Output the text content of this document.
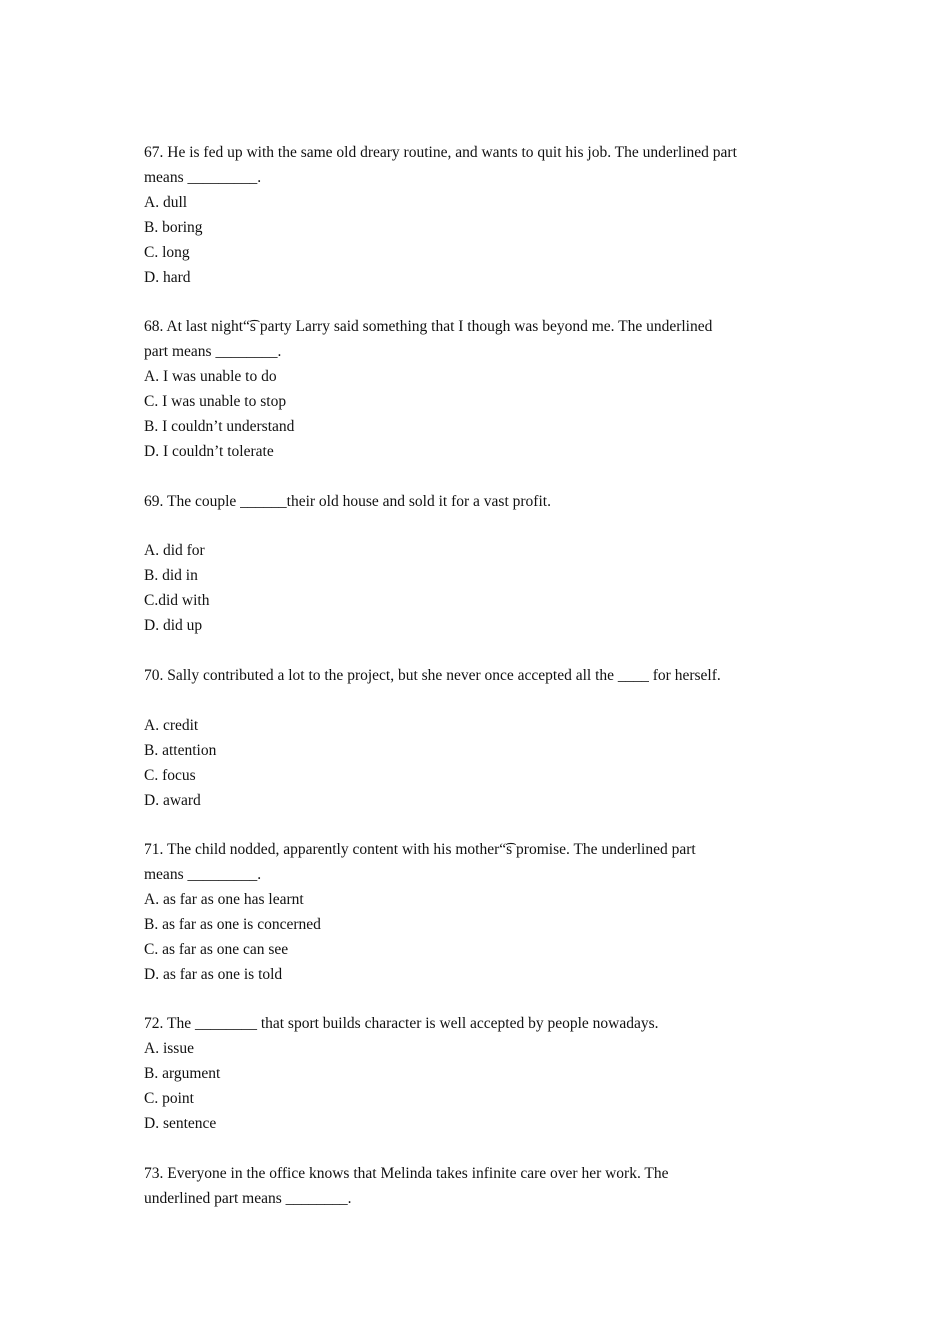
67. He is fed up with the same old dreary routine, and wants to quit his job. The underlined part
means _________.
A. dull
B. boring
C. long
D. hard
68. At last night“͡s party Larry said something that I though was beyond me. The underlined
part means ________.
A. I was unable to do
C. I was unable to stop
B. I couldn’t understand
D. I couldn’t tolerate
69. The couple ______their old house and sold it for a vast profit.
A. did for
B. did in
C.did with
D. did up
70. Sally contributed a lot to the project, but she never once accepted all the ____ for herself.
A. credit
B. attention
C. focus
D. award
71. The child nodded, apparently content with his mother“͡s promise. The underlined part
means _________.
A. as far as one has learnt
B. as far as one is concerned
C. as far as one can see
D. as far as one is told
72. The ________ that sport builds character is well accepted by people nowadays.
A. issue
B. argument
C. point
D. sentence
73. Everyone in the office knows that Melinda takes infinite care over her work. The
underlined part means ________.
